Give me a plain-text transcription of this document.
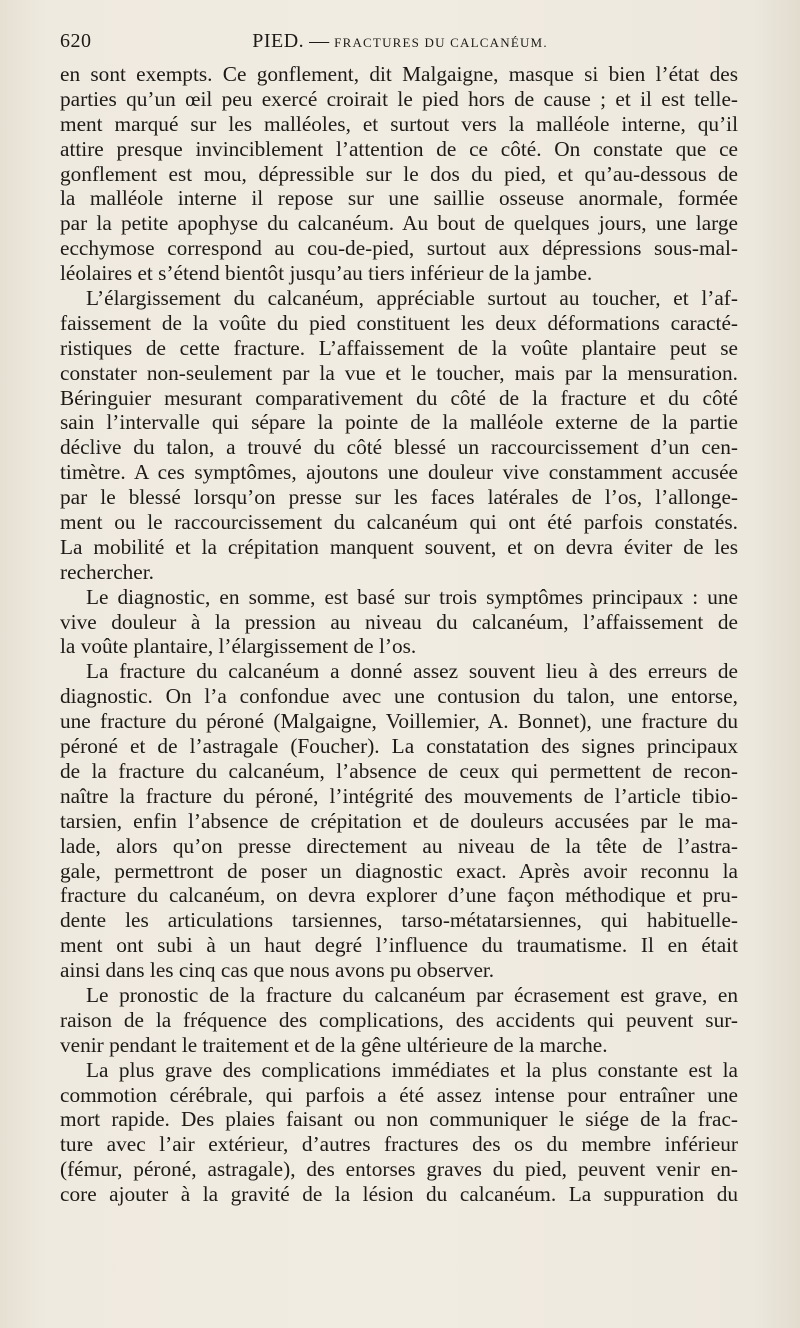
620	PIED. — FRACTURES DU CALCANÉUM.
en sont exempts. Ce gonflement, dit Malgaigne, masque si bien l’état des
parties qu’un œil peu exercé croirait le pied hors de cause ; et il est telle-
ment marqué sur les malléoles, et surtout vers la malléole interne, qu’il
attire presque invinciblement l’attention de ce côté. On constate que ce
gonflement est mou, dépressible sur le dos du pied, et qu’au-dessous de
la malléole interne il repose sur une saillie osseuse anormale, formée
par la petite apophyse du calcanéum. Au bout de quelques jours, une large
ecchymose correspond au cou-de-pied, surtout aux dépressions sous-mal-
léolaires et s’étend bientôt jusqu’au tiers inférieur de la jambe.
L’élargissement du calcanéum, appréciable surtout au toucher, et l’af-
faissement de la voûte du pied constituent les deux déformations caracté-
ristiques de cette fracture. L’affaissement de la voûte plantaire peut se
constater non-seulement par la vue et le toucher, mais par la mensuration.
Béringuier mesurant comparativement du côté de la fracture et du côté
sain l’intervalle qui sépare la pointe de la malléole externe de la partie
déclive du talon, a trouvé du côté blessé un raccourcissement d’un cen-
timètre. A ces symptômes, ajoutons une douleur vive constamment accusée
par le blessé lorsqu’on presse sur les faces latérales de l’os, l’allonge-
ment ou le raccourcissement du calcanéum qui ont été parfois constatés.
La mobilité et la crépitation manquent souvent, et on devra éviter de les
rechercher.
Le diagnostic, en somme, est basé sur trois symptômes principaux : une
vive douleur à la pression au niveau du calcanéum, l’affaissement de
la voûte plantaire, l’élargissement de l’os.
La fracture du calcanéum a donné assez souvent lieu à des erreurs de
diagnostic. On l’a confondue avec une contusion du talon, une entorse,
une fracture du péroné (Malgaigne, Voillemier, A. Bonnet), une fracture du
péroné et de l’astragale (Foucher). La constatation des signes principaux
de la fracture du calcanéum, l’absence de ceux qui permettent de recon-
naître la fracture du péroné, l’intégrité des mouvements de l’article tibio-
tarsien, enfin l’absence de crépitation et de douleurs accusées par le ma-
lade, alors qu’on presse directement au niveau de la tête de l’astra-
gale, permettront de poser un diagnostic exact. Après avoir reconnu la
fracture du calcanéum, on devra explorer d’une façon méthodique et pru-
dente les articulations tarsiennes, tarso-métatarsiennes, qui habituelle-
ment ont subi à un haut degré l’influence du traumatisme. Il en était
ainsi dans les cinq cas que nous avons pu observer.
Le pronostic de la fracture du calcanéum par écrasement est grave, en
raison de la fréquence des complications, des accidents qui peuvent sur-
venir pendant le traitement et de la gêne ultérieure de la marche.
La plus grave des complications immédiates et la plus constante est la
commotion cérébrale, qui parfois a été assez intense pour entraîner une
mort rapide. Des plaies faisant ou non communiquer le siége de la frac-
ture avec l’air extérieur, d’autres fractures des os du membre inférieur
(fémur, péroné, astragale), des entorses graves du pied, peuvent venir en-
core ajouter à la gravité de la lésion du calcanéum. La suppuration du
